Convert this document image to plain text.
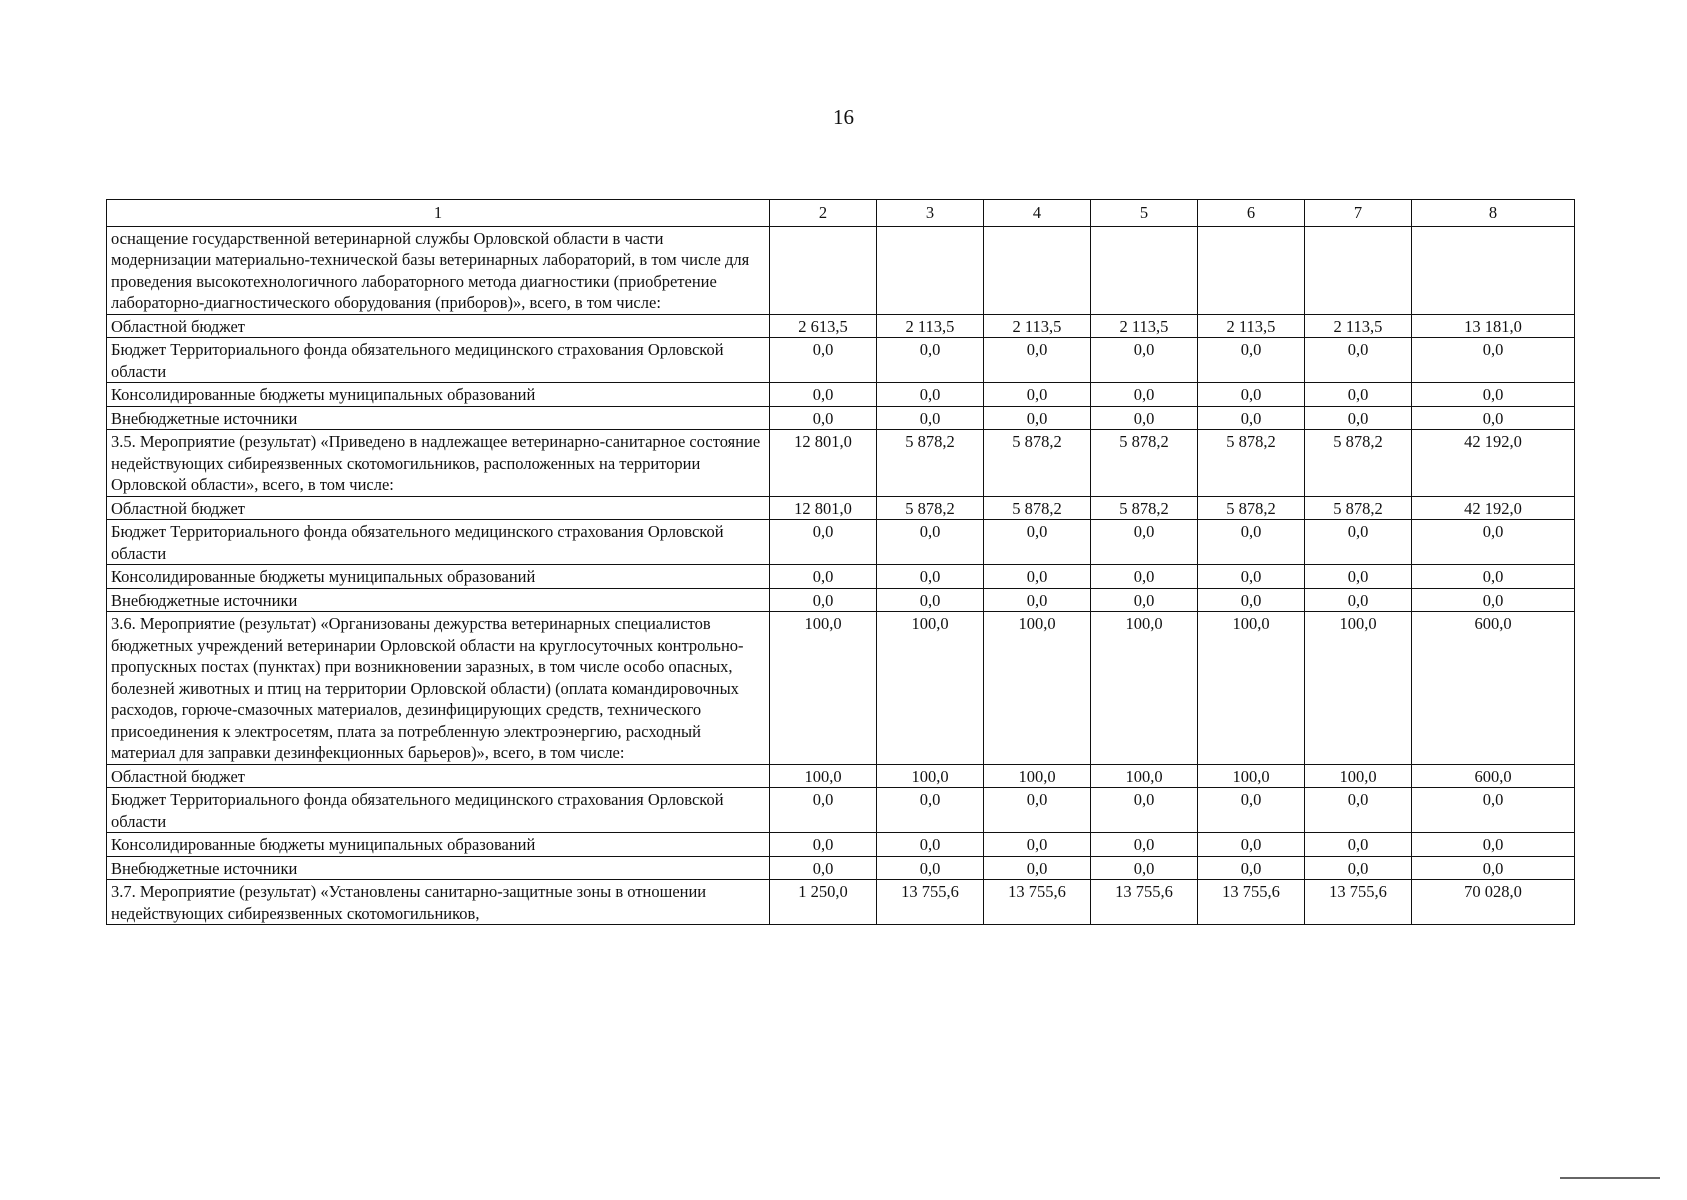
16
1	2	3	4	5	6	7	8
оснащение государственной ветеринарной службы Орловской области в части модернизации материально-технической базы ветеринарных лабораторий, в том числе для проведения высокотехнологичного лабораторного метода диагностики (приобретение лабораторно-диагностического оборудования (приборов)», всего, в том числе:							
Областной бюджет	2 613,5	2 113,5	2 113,5	2 113,5	2 113,5	2 113,5	13 181,0
Бюджет Территориального фонда обязательного медицинского страхования Орловской области	0,0	0,0	0,0	0,0	0,0	0,0	0,0
Консолидированные бюджеты муниципальных образований	0,0	0,0	0,0	0,0	0,0	0,0	0,0
Внебюджетные источники	0,0	0,0	0,0	0,0	0,0	0,0	0,0
3.5. Мероприятие (результат) «Приведено в надлежащее ветеринарно-санитарное состояние недействующих сибиреязвенных скотомогильников, расположенных на территории Орловской области», всего, в том числе:	12 801,0	5 878,2	5 878,2	5 878,2	5 878,2	5 878,2	42 192,0
Областной бюджет	12 801,0	5 878,2	5 878,2	5 878,2	5 878,2	5 878,2	42 192,0
Бюджет Территориального фонда обязательного медицинского страхования Орловской области	0,0	0,0	0,0	0,0	0,0	0,0	0,0
Консолидированные бюджеты муниципальных образований	0,0	0,0	0,0	0,0	0,0	0,0	0,0
Внебюджетные источники	0,0	0,0	0,0	0,0	0,0	0,0	0,0
3.6. Мероприятие (результат) «Организованы дежурства ветеринарных специалистов бюджетных учреждений ветеринарии Орловской области на круглосуточных контрольно-пропускных постах (пунктах) при возникновении заразных, в том числе особо опасных, болезней животных и птиц на территории Орловской области) (оплата командировочных расходов, горюче-смазочных материалов, дезинфицирующих средств, технического присоединения к электросетям, плата за потребленную электроэнергию, расходный материал для заправки дезинфекционных барьеров)», всего, в том числе:	100,0	100,0	100,0	100,0	100,0	100,0	600,0
Областной бюджет	100,0	100,0	100,0	100,0	100,0	100,0	600,0
Бюджет Территориального фонда обязательного медицинского страхования Орловской области	0,0	0,0	0,0	0,0	0,0	0,0	0,0
Консолидированные бюджеты муниципальных образований	0,0	0,0	0,0	0,0	0,0	0,0	0,0
Внебюджетные источники	0,0	0,0	0,0	0,0	0,0	0,0	0,0
3.7. Мероприятие (результат) «Установлены санитарно-защитные зоны в отношении недействующих сибиреязвенных скотомогильников,	1 250,0	13 755,6	13 755,6	13 755,6	13 755,6	13 755,6	70 028,0
